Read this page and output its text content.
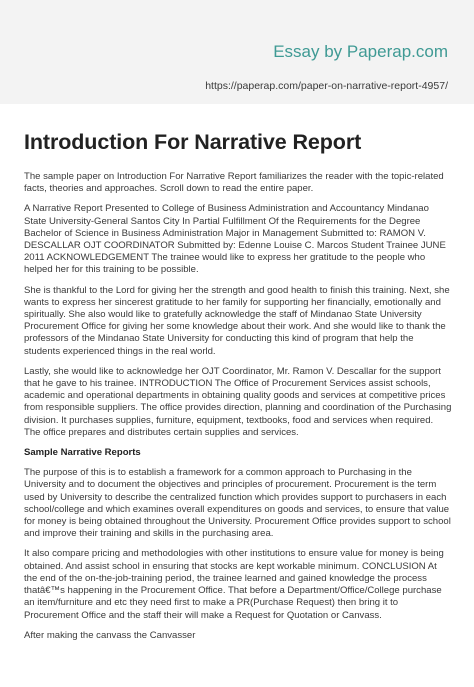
Essay by Paperap.com
https://paperap.com/paper-on-narrative-report-4957/
Introduction For Narrative Report

The sample paper on Introduction For Narrative Report familiarizes the reader with the topic-related facts, theories and approaches. Scroll down to read the entire paper.

A Narrative Report Presented to College of Business Administration and Accountancy Mindanao State University-General Santos City In Partial Fulfillment Of the Requirements for the Degree Bachelor of Science in Business Administration Major in Management Submitted to: RAMON V. DESCALLAR OJT COORDINATOR Submitted by: Edenne Louise C. Marcos Student Trainee JUNE 2011 ACKNOWLEDGEMENT The trainee would like to express her gratitude to the people who helped her for this training to be possible.

She is thankful to the Lord for giving her the strength and good health to finish this training. Next, she wants to express her sincerest gratitude to her family for supporting her financially, emotionally and spiritually. She also would like to gratefully acknowledge the staff of Mindanao State University Procurement Office for giving her some knowledge about their work. And she would like to thank the professors of the Mindanao State University for conducting this kind of program that help the students experienced things in the real world.

Lastly, she would like to acknowledge her OJT Coordinator, Mr. Ramon V. Descallar for the support that he gave to his trainee. INTRODUCTION The Office of Procurement Services assist schools, academic and operational departments in obtaining quality goods and services at competitive prices from responsible suppliers. The office provides direction, planning and coordination of the Purchasing division. It purchases supplies, furniture, equipment, textbooks, food and services when required. The office prepares and distributes certain supplies and services.

Sample Narrative Reports

The purpose of this is to establish a framework for a common approach to Purchasing in the University and to document the objectives and principles of procurement. Procurement is the term used by University to describe the centralized function which provides support to purchasers in each school/college and which examines overall expenditures on goods and services, to ensure that value for money is being obtained throughout the University. Procurement Office provides support to school and improve their training and skills in the purchasing area.

It also compare pricing and methodologies with other institutions to ensure value for money is being obtained. And assist school in ensuring that stocks are kept workable minimum. CONCLUSION At the end of the on-the-job-training period, the trainee learned and gained knowledge the process thatâ€™s happening in the Procurement Office. That before a Department/Office/College purchase an item/furniture and etc they need first to make a PR(Purchase Request) then bring it to Procurement Office and the staff their will make a Request for Quotation or Canvass.

After making the canvass the Canvasser
